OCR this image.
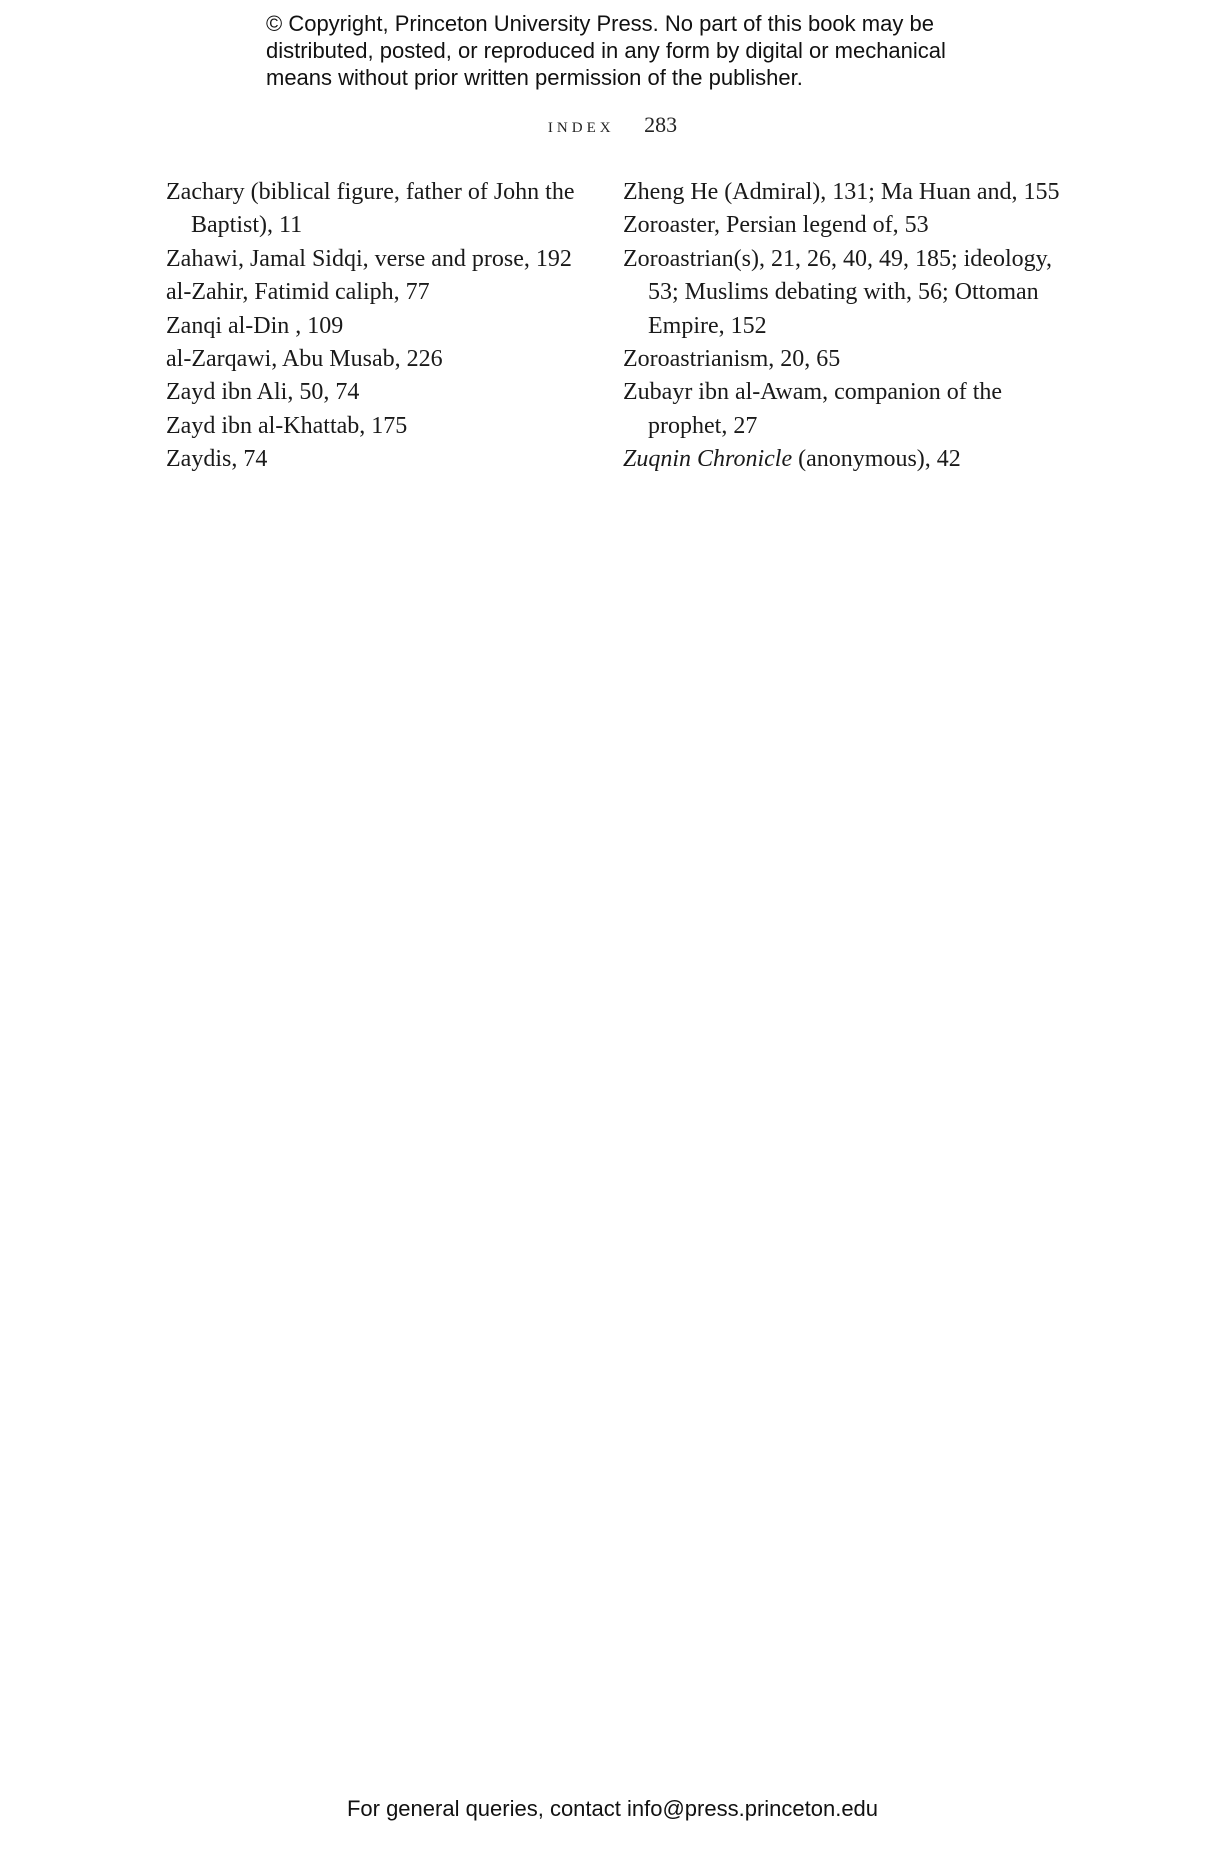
© Copyright, Princeton University Press. No part of this book may be
distributed, posted, or reproduced in any form by digital or mechanical
means without prior written permission of the publisher.
index 283
Zachary (biblical figure, father of John the Baptist), 11
Zahawi, Jamal Sidqi, verse and prose, 192
al-Zahir, Fatimid caliph, 77
Zanqi al-Din , 109
al-Zarqawi, Abu Musab, 226
Zayd ibn Ali, 50, 74
Zayd ibn al-Khattab, 175
Zaydis, 74
Zheng He (Admiral), 131; Ma Huan and, 155
Zoroaster, Persian legend of, 53
Zoroastrian(s), 21, 26, 40, 49, 185; ideology, 53; Muslims debating with, 56; Ottoman Empire, 152
Zoroastrianism, 20, 65
Zubayr ibn al-Awam, companion of the prophet, 27
Zuqnin Chronicle (anonymous), 42
For general queries, contact info@press.princeton.edu
